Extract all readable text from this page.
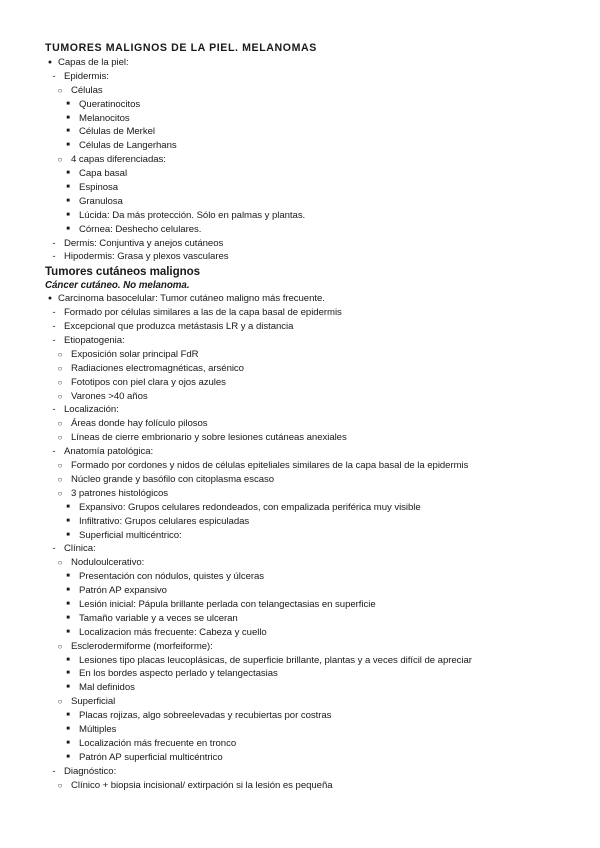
TUMORES MALIGNOS DE LA PIEL. MELANOMAS
● Capas de la piel:
- Epidermis:
○ Células
■ Queratinocitos
■ Melanocitos
■ Células de Merkel
■ Células de Langerhans
○ 4 capas diferenciadas:
■ Capa basal
■ Espinosa
■ Granulosa
■ Lúcida: Da más protección. Sólo en palmas y plantas.
■ Córnea: Deshecho celulares.
- Dermis: Conjuntiva y anejos cutáneos
- Hipodermis: Grasa y plexos vasculares
Tumores cutáneos malignos
Cáncer cutáneo. No melanoma.
● Carcinoma basocelular: Tumor cutáneo maligno más frecuente.
- Formado por células similares a las de la capa basal de epidermis
- Excepcional que produzca metástasis LR y a distancia
- Etiopatogenia:
○ Exposición solar principal FdR
○ Radiaciones electromagnéticas, arsénico
○ Fototipos con piel clara y ojos azules
○ Varones >40 años
- Localización:
○ Áreas donde hay folículo pilosos
○ Líneas de cierre embrionario y sobre lesiones cutáneas anexiales
- Anatomía patológica:
○ Formado por cordones y nidos de células epiteliales similares de la capa basal de la epidermis
○ Núcleo grande y basófilo con citoplasma escaso
○ 3 patrones histológicos
■ Expansivo: Grupos celulares redondeados, con empalizada periférica muy visible
■ Infiltrativo: Grupos celulares espiculadas
■ Superficial multicéntrico:
- Clínica:
○ Noduloulcerativo:
■ Presentación con nódulos, quistes y úlceras
■ Patrón AP expansivo
■ Lesión inicial: Pápula brillante perlada con telangectasias en superficie
■ Tamaño variable y a veces se ulceran
■ Localizacion más frecuente: Cabeza y cuello
○ Esclerodermiforme (morfeiforme):
■ Lesiones tipo placas leucoplásicas, de superficie brillante, plantas y a veces difícil de apreciar
■ En los bordes aspecto perlado y telangectasias
■ Mal definidos
○ Superficial
■ Placas rojizas, algo sobreelevadas y recubiertas por costras
■ Múltiples
■ Localización más frecuente en tronco
■ Patrón AP superficial multicéntrico
- Diagnóstico:
○ Clínico + biopsia incisional/ extirpación si la lesión es pequeña
